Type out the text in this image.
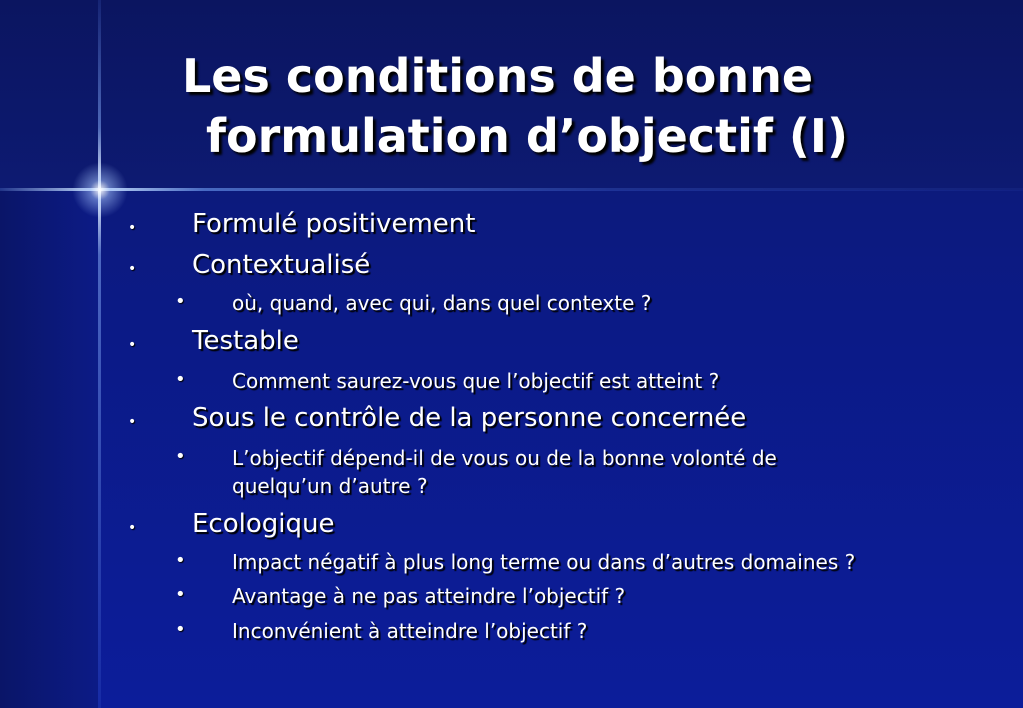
Les conditions de bonne
formulation d’objectif (I)
• Formulé positivement
• Contextualisé
• où, quand, avec qui, dans quel contexte ?
• Testable
• Comment saurez-vous que l’objectif est atteint ?
• Sous le contrôle de la personne concernée
• L’objectif dépend-il de vous ou de la bonne volonté de
quelqu’un d’autre ?
• Ecologique
• Impact négatif à plus long terme ou dans d’autres domaines ?
• Avantage à ne pas atteindre l’objectif ?
• Inconvénient à atteindre l’objectif ?
